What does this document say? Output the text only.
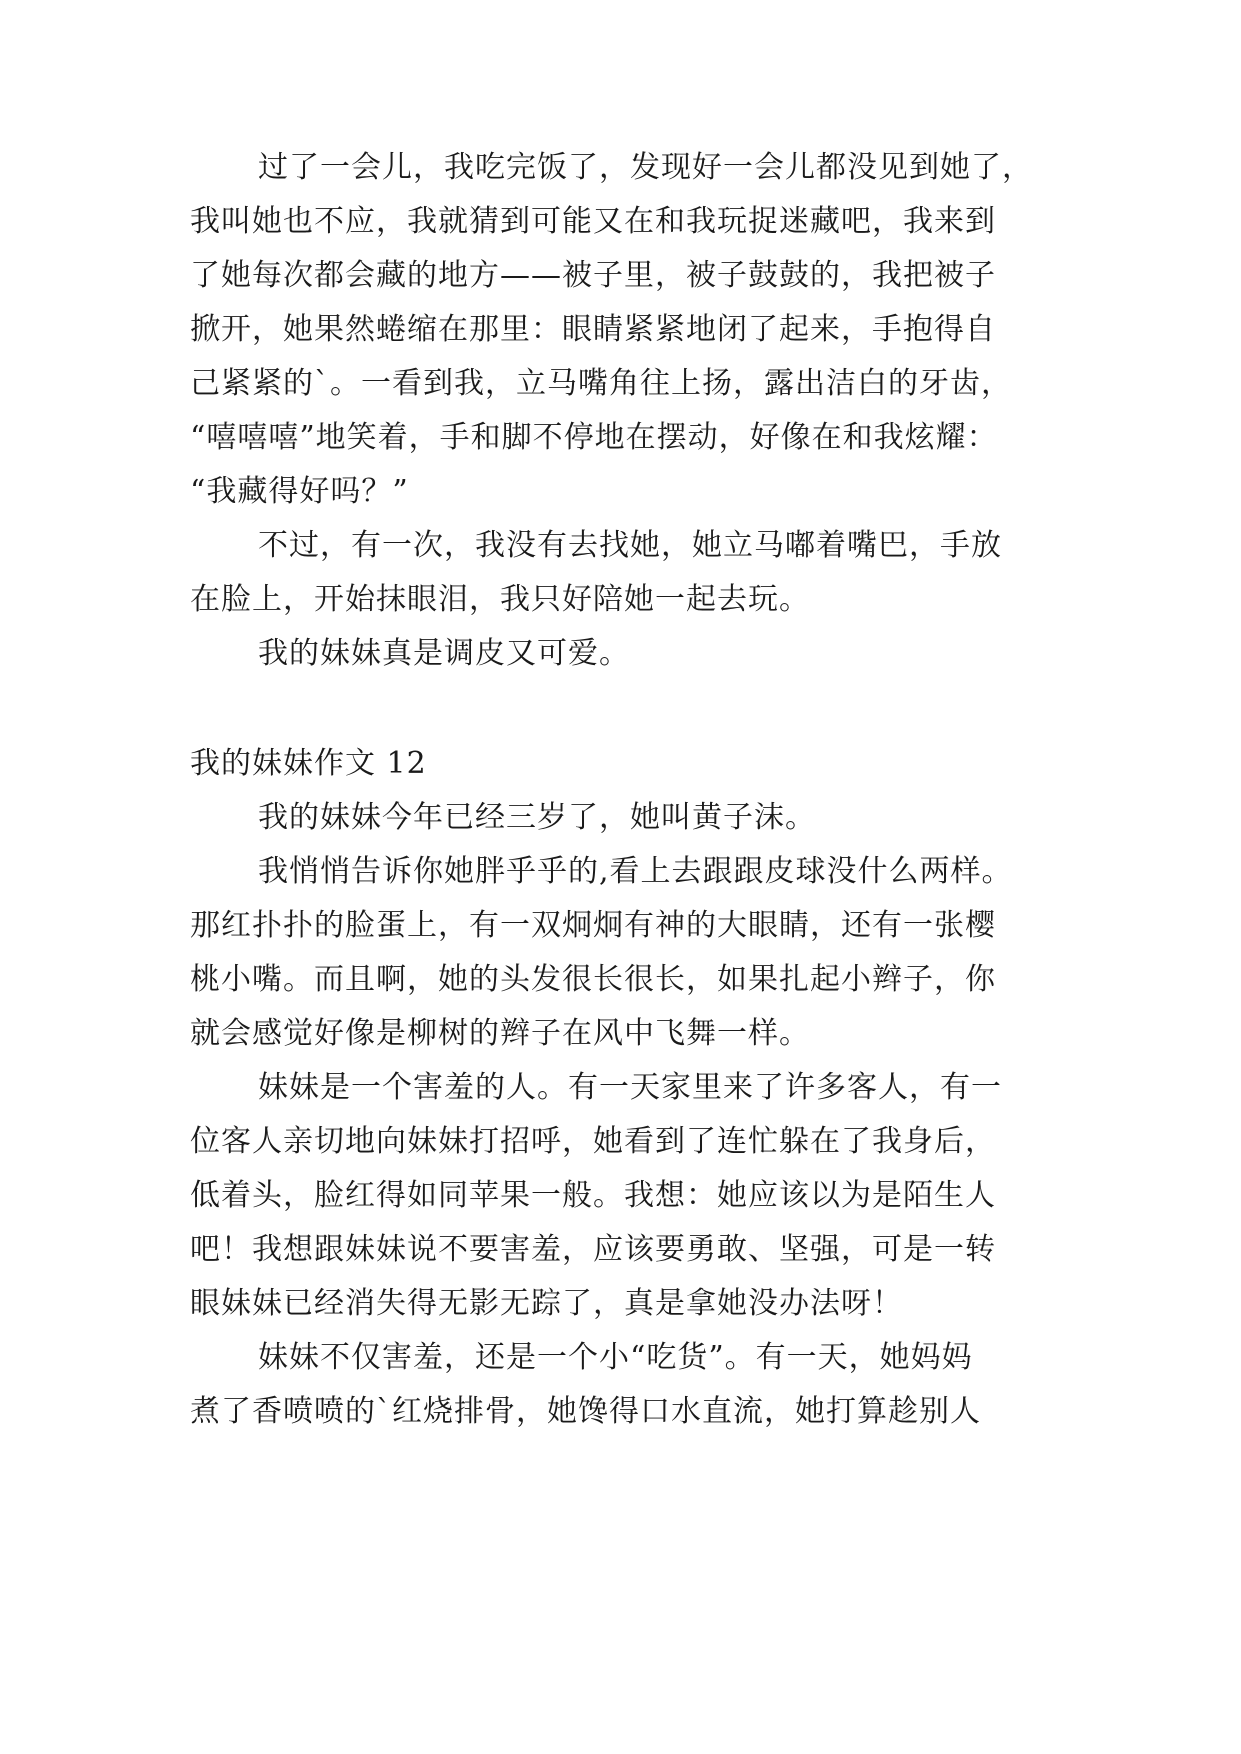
过了一会儿，我吃完饭了，发现好一会儿都没见到她了，
我叫她也不应，我就猜到可能又在和我玩捉迷藏吧，我来到
了她每次都会藏的地方——被子里，被子鼓鼓的，我把被子
掀开，她果然蜷缩在那里：眼睛紧紧地闭了起来，手抱得自
己紧紧的`。一看到我，立马嘴角往上扬，露出洁白的牙齿，
“嘻嘻嘻”地笑着，手和脚不停地在摆动，好像在和我炫耀：
“我藏得好吗？”
不过，有一次，我没有去找她，她立马嘟着嘴巴，手放
在脸上，开始抹眼泪，我只好陪她一起去玩。
我的妹妹真是调皮又可爱。
我的妹妹作文 12
我的妹妹今年已经三岁了，她叫黄子沫。
我悄悄告诉你她胖乎乎的,看上去跟跟皮球没什么两样。
那红扑扑的脸蛋上，有一双炯炯有神的大眼睛，还有一张樱
桃小嘴。而且啊，她的头发很长很长，如果扎起小辫子，你
就会感觉好像是柳树的辫子在风中飞舞一样。
妹妹是一个害羞的人。有一天家里来了许多客人，有一
位客人亲切地向妹妹打招呼，她看到了连忙躲在了我身后，
低着头，脸红得如同苹果一般。我想：她应该以为是陌生人
吧！我想跟妹妹说不要害羞，应该要勇敢、坚强，可是一转
眼妹妹已经消失得无影无踪了，真是拿她没办法呀！
妹妹不仅害羞，还是一个小“吃货”。有一天，她妈妈
煮了香喷喷的`红烧排骨，她馋得口水直流，她打算趁别人
